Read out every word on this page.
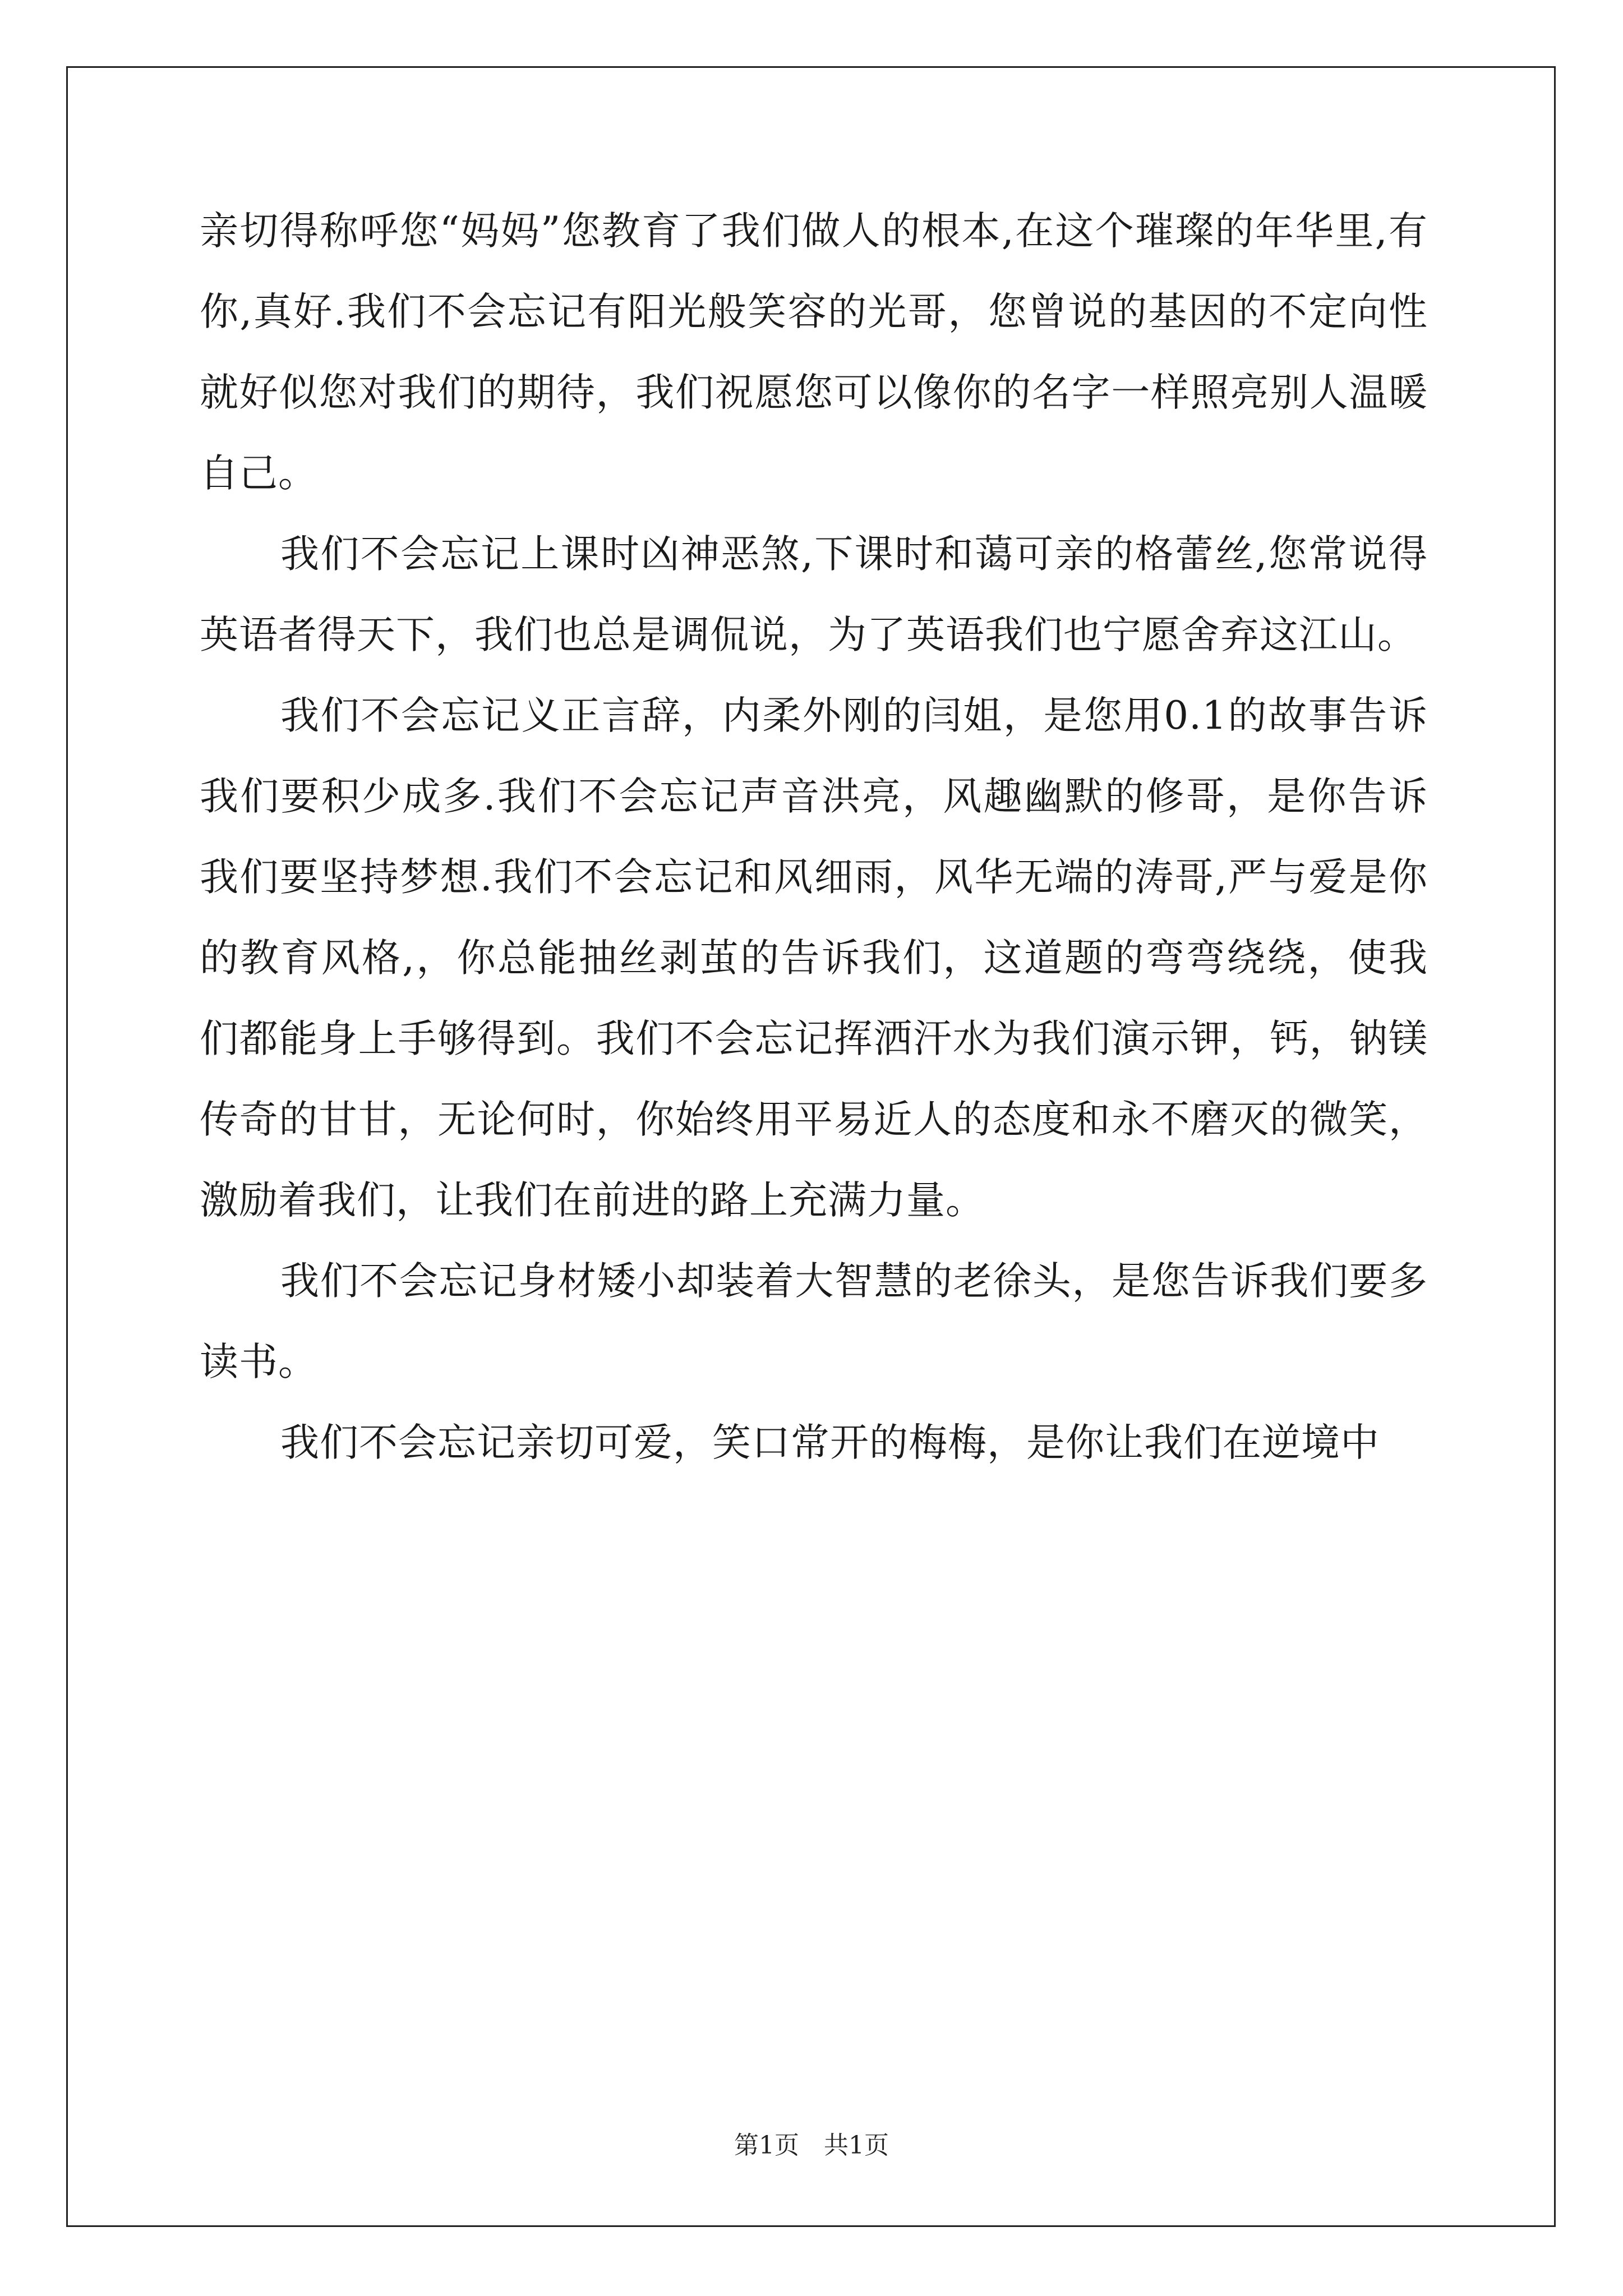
亲切得称呼您“妈妈”您教育了我们做人的根本,在这个璀璨的年华里,有你,真好.我们不会忘记有阳光般笑容的光哥，您曾说的基因的不定向性就好似您对我们的期待，我们祝愿您可以像你的名字一样照亮别人温暖自己。

我们不会忘记上课时凶神恶煞,下课时和蔼可亲的格蕾丝,您常说得英语者得天下，我们也总是调侃说，为了英语我们也宁愿舍弃这江山。

我们不会忘记义正言辞，内柔外刚的闫姐，是您用0.1的故事告诉我们要积少成多.我们不会忘记声音洪亮，风趣幽默的修哥，是你告诉我们要坚持梦想.我们不会忘记和风细雨，风华无端的涛哥,严与爱是你的教育风格,，你总能抽丝剥茧的告诉我们，这道题的弯弯绕绕，使我们都能身上手够得到。我们不会忘记挥洒汗水为我们演示钾，钙，钠镁传奇的甘甘，无论何时，你始终用平易近人的态度和永不磨灭的微笑，激励着我们，让我们在前进的路上充满力量。

我们不会忘记身材矮小却装着大智慧的老徐头，是您告诉我们要多读书。

我们不会忘记亲切可爱，笑口常开的梅梅，是你让我们在逆境中

第1页　共1页
